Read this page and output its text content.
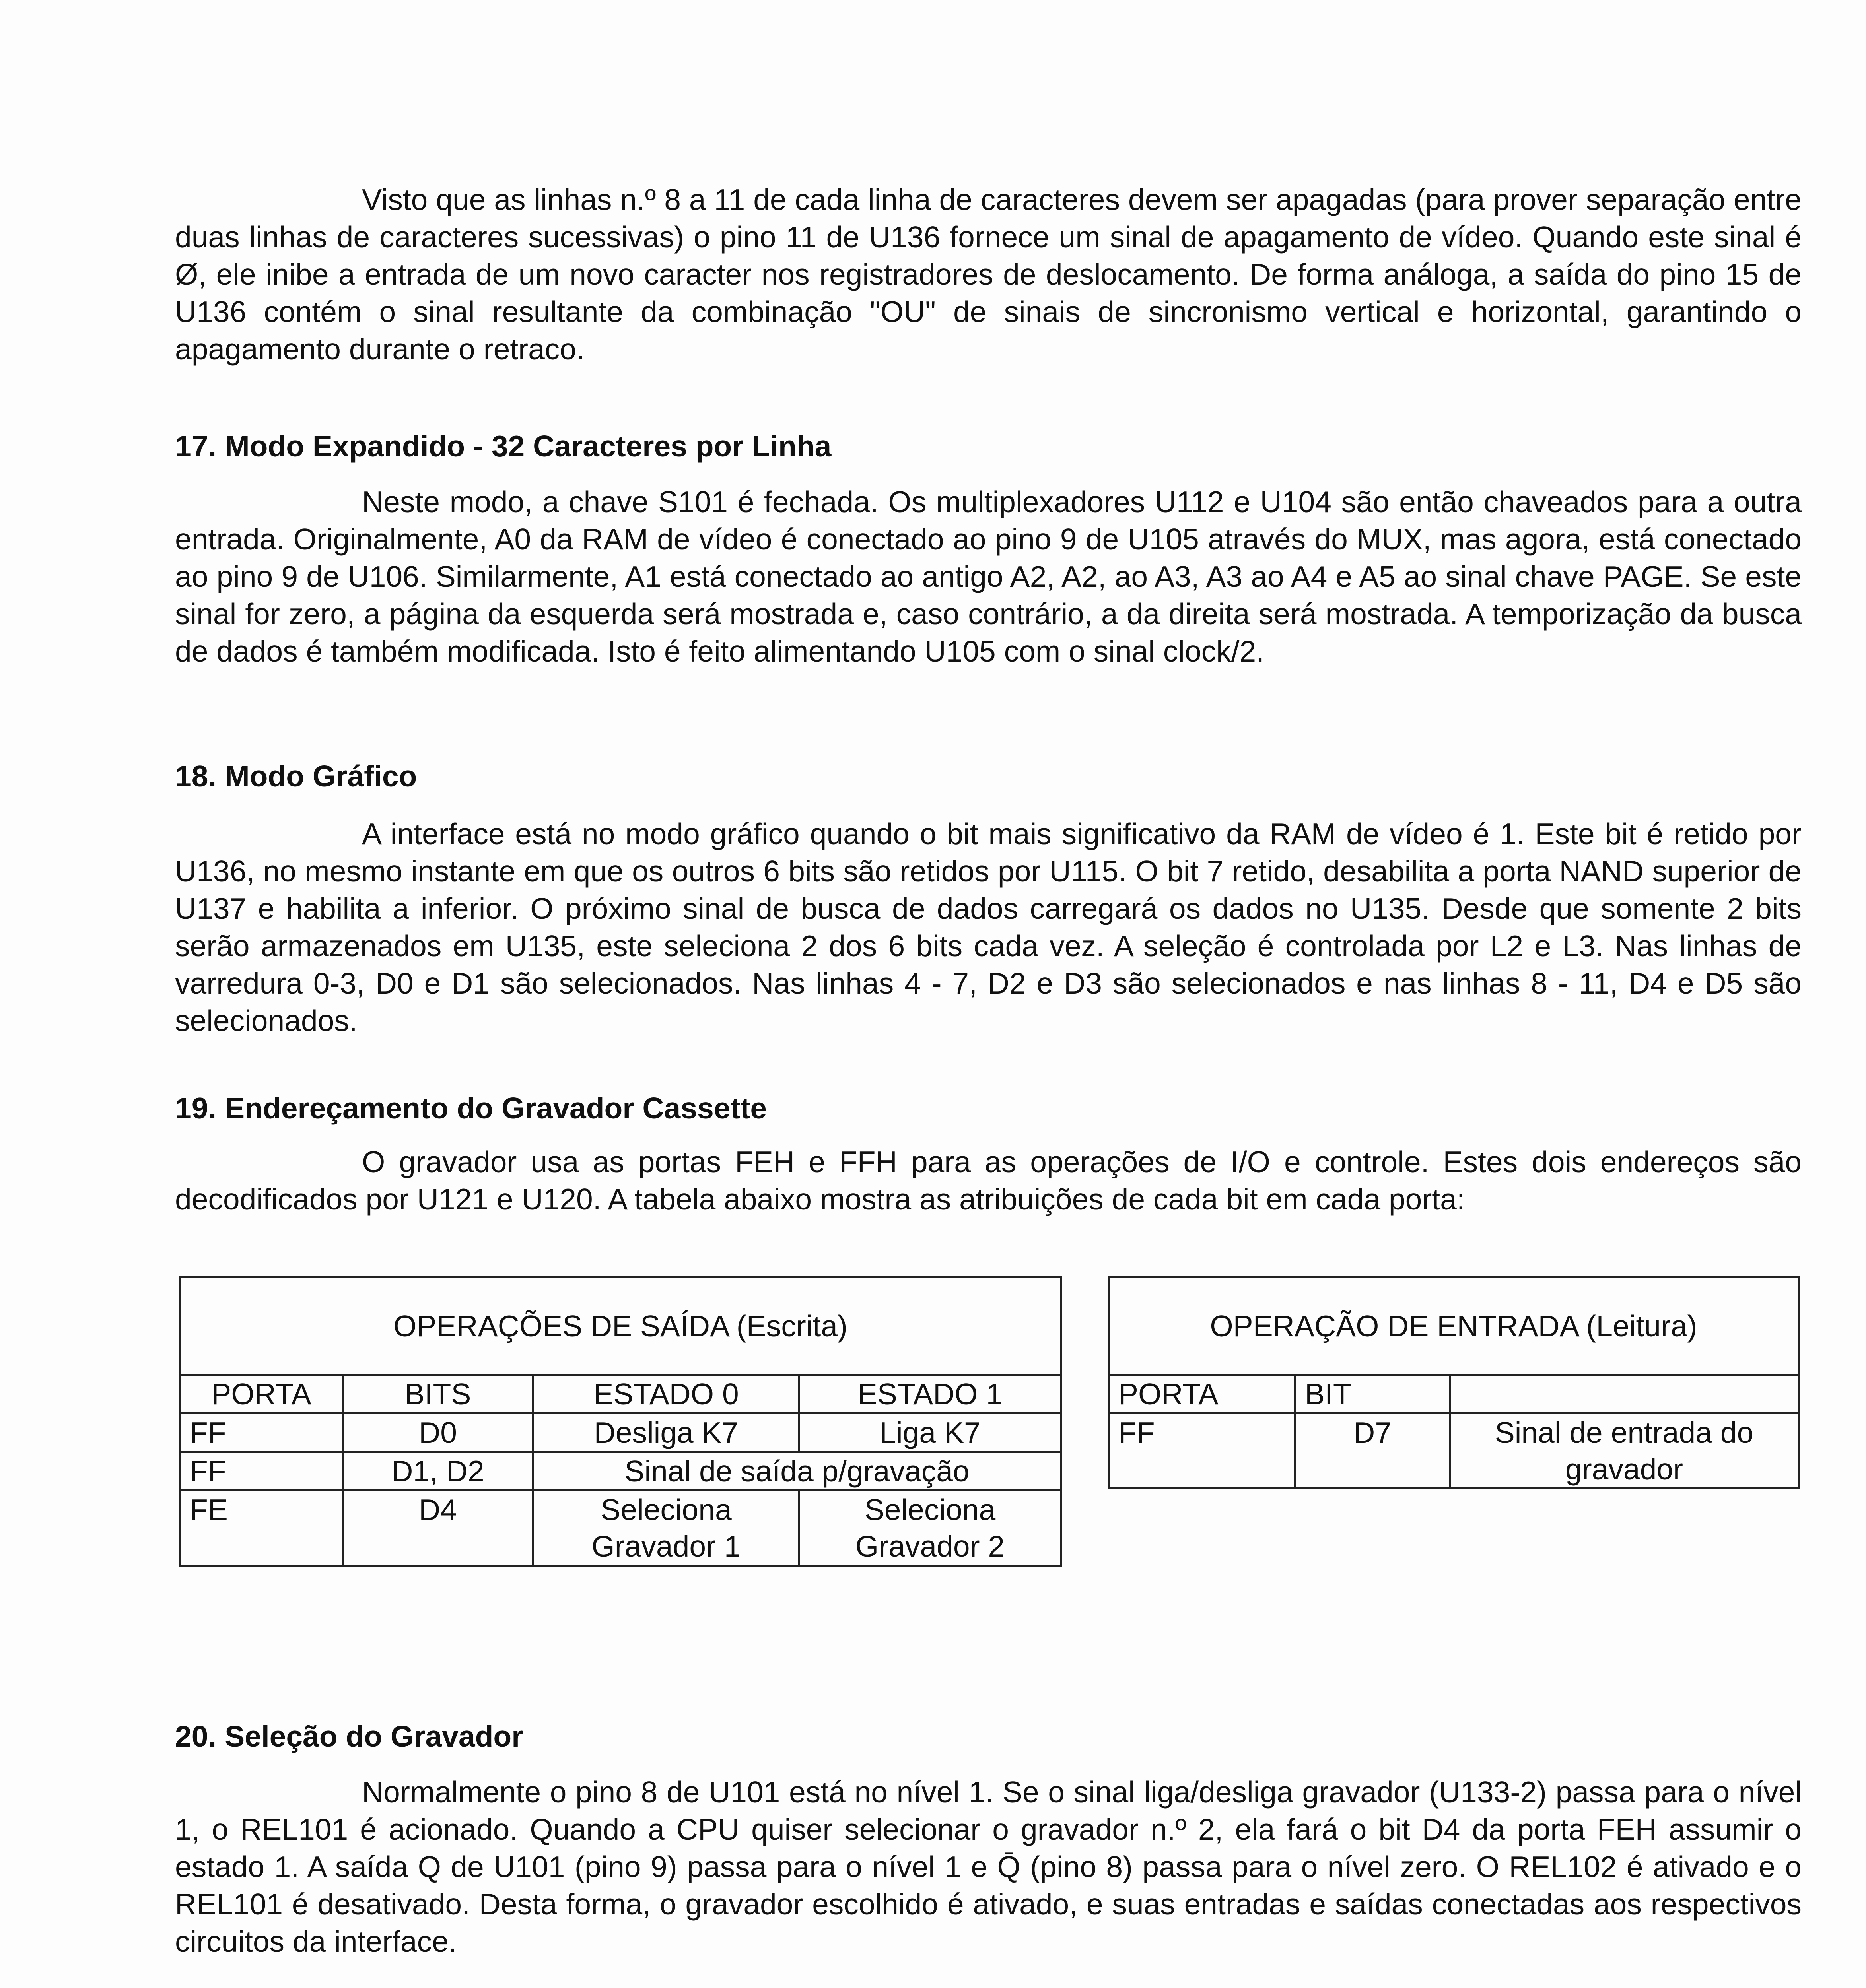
Visto que as linhas n.º 8 a 11 de cada linha de caracteres devem ser apagadas (para prover separação entre duas linhas de caracteres sucessivas) o pino 11 de U136 fornece um sinal de apagamento de vídeo. Quando este sinal é Ø, ele inibe a entrada de um novo caracter nos registradores de deslocamento. De forma análoga, a saída do pino 15 de U136 contém o sinal resultante da combinação "OU" de sinais de sincronismo vertical e horizontal, garantindo o apagamento durante o retraco.

17. Modo Expandido - 32 Caracteres por Linha

Neste modo, a chave S101 é fechada. Os multiplexadores U112 e U104 são então chaveados para a outra entrada. Originalmente, A0 da RAM de vídeo é conectado ao pino 9 de U105 através do MUX, mas agora, está conectado ao pino 9 de U106. Similarmente, A1 está conectado ao antigo A2, A2, ao A3, A3 ao A4 e A5 ao sinal chave PAGE. Se este sinal for zero, a página da esquerda será mostrada e, caso contrário, a da direita será mostrada. A temporização da busca de dados é também modificada. Isto é feito alimentando U105 com o sinal clock/2.

18. Modo Gráfico

A interface está no modo gráfico quando o bit mais significativo da RAM de vídeo é 1. Este bit é retido por U136, no mesmo instante em que os outros 6 bits são retidos por U115. O bit 7 retido, desabilita a porta NAND superior de U137 e habilita a inferior. O próximo sinal de busca de dados carregará os dados no U135. Desde que somente 2 bits serão armazenados em U135, este seleciona 2 dos 6 bits cada vez. A seleção é controlada por L2 e L3. Nas linhas de varredura 0-3, D0 e D1 são selecionados. Nas linhas 4 - 7, D2 e D3 são selecionados e nas linhas 8 - 11, D4 e D5 são selecionados.

19. Endereçamento do Gravador Cassette

O gravador usa as portas FEH e FFH para as operações de I/O e controle. Estes dois endereços são decodificados por U121 e U120. A tabela abaixo mostra as atribuições de cada bit em cada porta:

OPERAÇÕES DE SAÍDA (Escrita)			
PORTA	BITS	ESTADO 0	ESTADO 1
FF	D0	Desliga K7	Liga K7
FF	D1, D2	Sinal de saída p/gravação	
FE	D4	Seleciona Gravador 1	Seleciona Gravador 2
OPERAÇÃO DE ENTRADA (Leitura)		
PORTA	BIT	
FF	D7	Sinal de entrada do gravador
20. Seleção do Gravador

Normalmente o pino 8 de U101 está no nível 1. Se o sinal liga/desliga gravador (U133-2) passa para o nível 1, o REL101 é acionado. Quando a CPU quiser selecionar o gravador n.º 2, ela fará o bit D4 da porta FEH assumir o estado 1. A saída Q de U101 (pino 9) passa para o nível 1 e Q̄ (pino 8) passa para o nível zero. O REL102 é ativado e o REL101 é desativado. Desta forma, o gravador escolhido é ativado, e suas entradas e saídas conectadas aos respectivos circuitos da interface.
